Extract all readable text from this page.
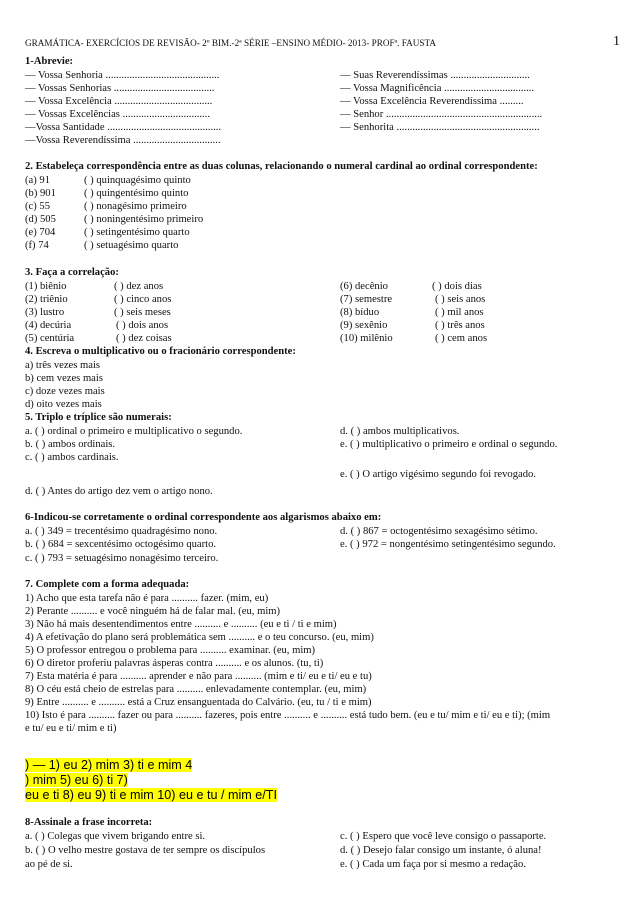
GRAMÁTICA- EXERCÍCIOS DE REVISÃO- 2º BIM.-2ª SÉRIE –ENSINO MÉDIO- 2013- PROFª. FAUSTA	1
1-Abrevie:
— Vossa Senhoria ...........................................
— Vossas Senhorias ......................................
— Vossa Excelência .....................................
— Vossas Excelências .................................
—Vossa Santidade ...........................................
—Vossa Reverendíssima .................................
— Suas Reverendíssimas ..............................
— Vossa Magnificência ..................................
— Vossa Excelência Reverendíssima .........
— Senhor ...........................................................
— Senhorita ......................................................
2. Estabeleça correspondência entre as duas colunas, relacionando o numeral cardinal ao ordinal correspondente:
(a) 91	( ) quinquagésimo quinto
(b) 901	( ) quingentésimo quinto
(c) 55	( ) nonagésimo primeiro
(d) 505	( ) noningentésimo primeiro
(e) 704	( ) setingentésimo quarto
(f) 74	( ) setuagésimo quarto
3. Faça a correlação:
(1) biênio	( ) dez anos	(6) decênio	( ) dois dias
(2) triênio	( ) cinco anos	(7) semestre	( ) seis anos
(3) lustro	( ) seis meses	(8) bíduo	( ) mil anos
(4) decúria	( ) dois anos	(9) sexênio	( ) três anos
(5) centúria	( ) dez coisas	(10) milênio	( ) cem anos
4. Escreva o multiplicativo ou o fracionário correspondente:
a) três vezes mais
b) cem vezes mais
c) doze vezes mais
d) oito vezes mais
5. Triplo e tríplice são numerais:
a. ( ) ordinal o primeiro e multiplicativo o segundo.	d. ( ) ambos multiplicativos.
b. ( ) ambos ordinais.	e. ( ) multiplicativo o primeiro e ordinal o segundo.
c. ( ) ambos cardinais.
e. ( ) O artigo vigésimo segundo foi revogado.
d. ( ) Antes do artigo dez vem o artigo nono.
6-Indicou-se corretamente o ordinal correspondente aos algarismos abaixo em:
a. ( ) 349 = trecentésimo quadragésimo nono.	d. ( ) 867 = octogentésimo sexagésimo sétimo.
b. ( ) 684 = sexcentésimo octogésimo quarto.	e. ( ) 972 = nongentésimo setingentésimo segundo.
c. ( ) 793 = setuagésimo nonagésimo terceiro.
7. Complete com a forma adequada:
1) Acho que esta tarefa não é para .......... fazer. (mim, eu)
2) Perante .......... e você ninguém há de falar mal. (eu, mim)
3) Não há mais desentendimentos entre .......... e .......... (eu e ti / ti e mim)
4) A efetivação do plano será problemática sem .......... e o teu concurso. (eu, mim)
5) O professor entregou o problema para .......... examinar. (eu, mim)
6) O diretor proferiu palavras ásperas contra .......... e os alunos. (tu, ti)
7) Esta matéria é para .......... aprender e não para .......... (mim e ti/ eu e ti/ eu e tu)
8) O céu está cheio de estrelas para .......... enlevadamente contemplar. (eu, mim)
9) Entre .......... e .......... está a Cruz ensanguentada do Calvário. (eu, tu / ti e mim)
10) Isto é para .......... fazer ou para .......... fazeres, pois entre .......... e .......... está tudo bem. (eu e tu/ mim e ti/ eu e ti); (mim
e tu/ eu e ti/ mim e ti)
) — 1) eu 2) mim 3) ti e mim 4
) mim 5) eu 6) ti 7)
eu e ti 8) eu 9) ti e mim 10) eu e tu / mim e/TI
8-Assinale a frase incorreta:
a. ( ) Colegas que vivem brigando entre si.	c. ( ) Espero que você leve consigo o passaporte.
b. ( ) O velho mestre gostava de ter sempre os discípulos	d. ( ) Desejo falar consigo um instante, ó aluna!
ao pé de si.	e. ( ) Cada um faça por si mesmo a redação.
